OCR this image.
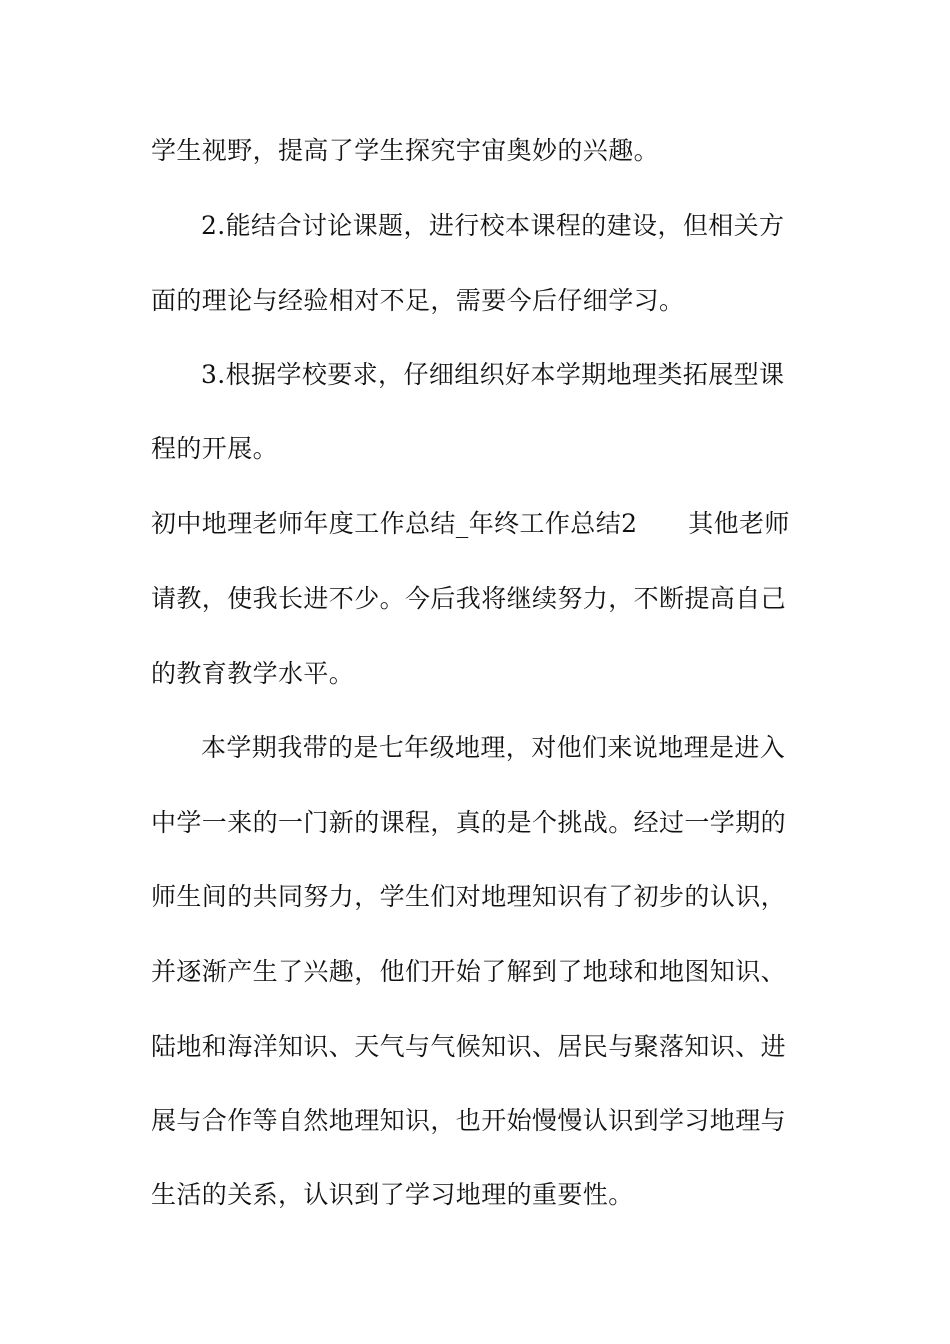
学生视野，提高了学生探究宇宙奥妙的兴趣。
2.能结合讨论课题，进行校本课程的建设，但相关方
面的理论与经验相对不足，需要今后仔细学习。
3.根据学校要求，仔细组织好本学期地理类拓展型课
程的开展。
初中地理老师年度工作总结_年终工作总结2　　其他老师
请教，使我长进不少。今后我将继续努力，不断提高自己
的教育教学水平。
本学期我带的是七年级地理，对他们来说地理是进入
中学一来的一门新的课程，真的是个挑战。经过一学期的
师生间的共同努力，学生们对地理知识有了初步的认识，
并逐渐产生了兴趣，他们开始了解到了地球和地图知识、
陆地和海洋知识、天气与气候知识、居民与聚落知识、进
展与合作等自然地理知识，也开始慢慢认识到学习地理与
生活的关系，认识到了学习地理的重要性。
